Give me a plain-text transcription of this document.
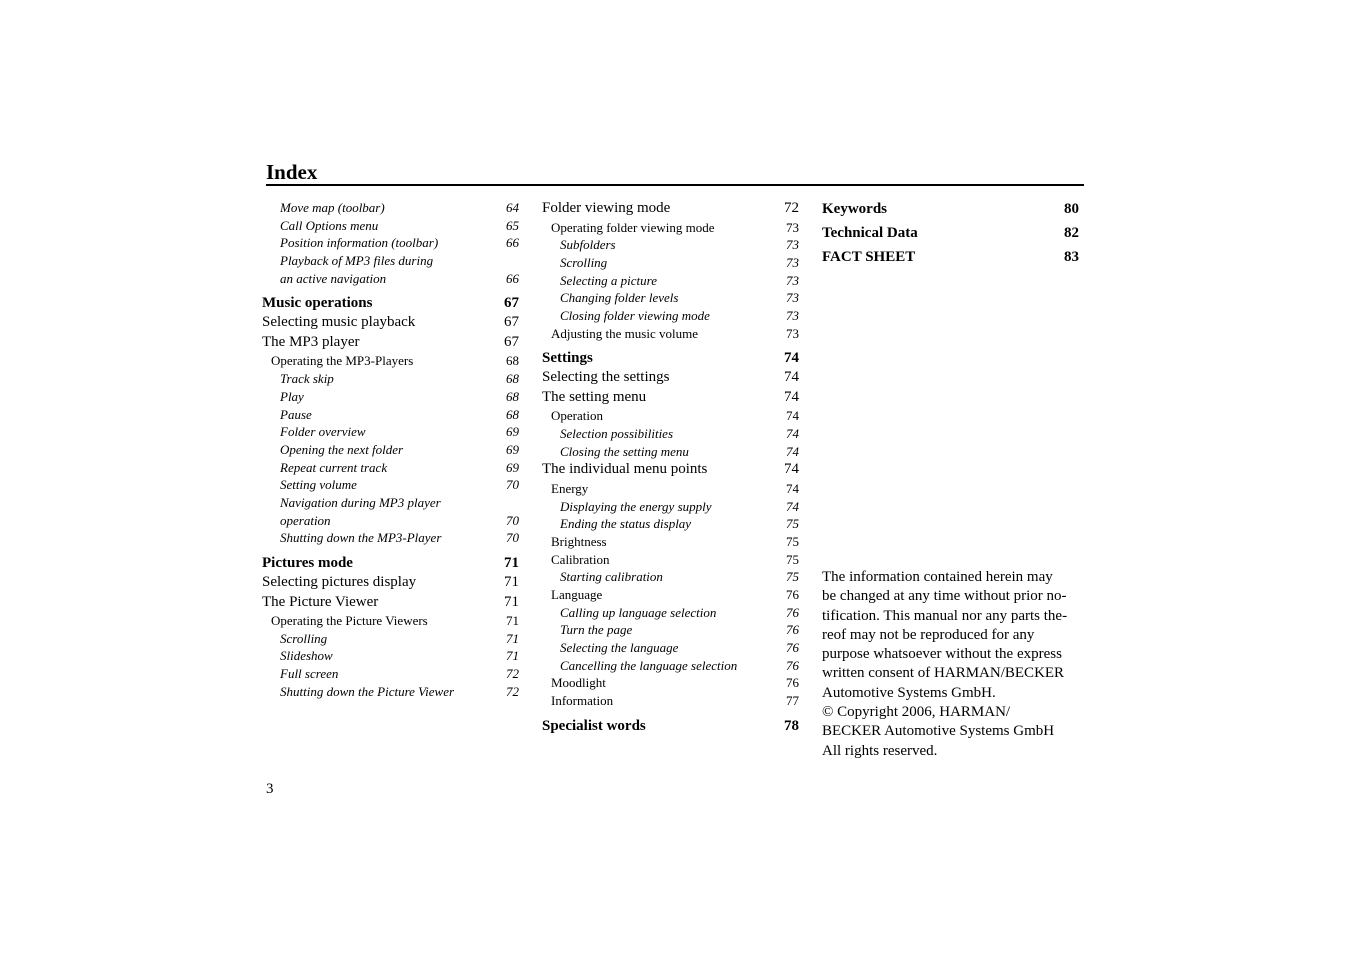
Index
Move map (toolbar)	64
Call Options menu	65
Position information (toolbar)	66
Playback of MP3 files during
an active navigation	66
Music operations	67
Selecting music playback	67
The MP3 player	67
Operating the MP3-Players	68
Track skip	68
Play	68
Pause	68
Folder overview	69
Opening the next folder	69
Repeat current track	69
Setting volume	70
Navigation during MP3 player
operation	70
Shutting down the MP3-Player	70
Pictures mode	71
Selecting pictures display	71
The Picture Viewer	71
Operating the Picture Viewers	71
Scrolling	71
Slideshow	71
Full screen	72
Shutting down the Picture Viewer	72
Folder viewing mode	72
Operating folder viewing mode	73
Subfolders	73
Scrolling	73
Selecting a picture	73
Changing folder levels	73
Closing folder viewing mode	73
Adjusting the music volume	73
Settings	74
Selecting the settings	74
The setting menu	74
Operation	74
Selection possibilities	74
Closing the setting menu	74
The individual menu points	74
Energy	74
Displaying the energy supply	74
Ending the status display	75
Brightness	75
Calibration	75
Starting calibration	75
Language	76
Calling up language selection	76
Turn the page	76
Selecting the language	76
Cancelling the language selection	76
Moodlight	76
Information	77
Specialist words	78
Keywords	80
Technical Data	82
FACT SHEET	83
The information contained herein may
be changed at any time without prior no-
tification. This manual nor any parts the-
reof may not be reproduced for any
purpose whatsoever without the express
written consent of HARMAN/BECKER
Automotive Systems GmbH.
© Copyright 2006, HARMAN/
BECKER Automotive Systems GmbH
All rights reserved.
3
